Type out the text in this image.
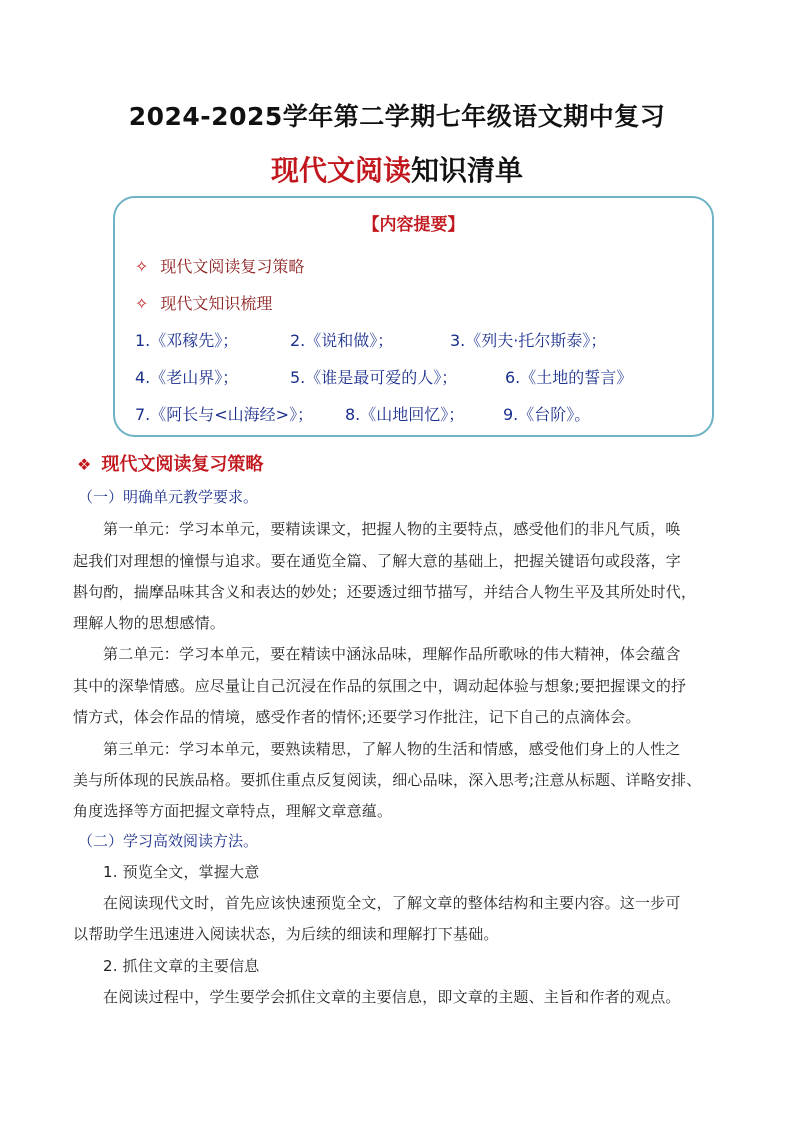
2024-2025学年第二学期七年级语文期中复习
现代文阅读知识清单
【内容提要】
✧ 现代文阅读复习策略
✧ 现代文知识梳理
1.《邓稼先》；	2.《说和做》；	3.《列夫·托尔斯泰》；
4.《老山界》；	5.《谁是最可爱的人》；	6.《土地的誓言》
7.《阿长与<山海经>》； 8.《山地回忆》； 9.《台阶》。
❖ 现代文阅读复习策略
（一）明确单元教学要求。
第一单元：学习本单元，要精读课文，把握人物的主要特点，感受他们的非凡气质，唤
起我们对理想的憧憬与追求。要在通览全篇、了解大意的基础上，把握关键语句或段落，字
斟句酌，揣摩品味其含义和表达的妙处；还要透过细节描写，并结合人物生平及其所处时代，
理解人物的思想感情。
第二单元：学习本单元，要在精读中涵泳品味，理解作品所歌咏的伟大精神，体会蕴含
其中的深挚情感。应尽量让自己沉浸在作品的氛围之中，调动起体验与想象;要把握课文的抒
情方式，体会作品的情境，感受作者的情怀;还要学习作批注，记下自己的点滴体会。
第三单元：学习本单元，要熟读精思，了解人物的生活和情感，感受他们身上的人性之
美与所体现的民族品格。要抓住重点反复阅读，细心品味，深入思考;注意从标题、详略安排、
角度选择等方面把握文章特点，理解文章意蕴。
（二）学习高效阅读方法。
1. 预览全文，掌握大意
在阅读现代文时，首先应该快速预览全文，了解文章的整体结构和主要内容。这一步可
以帮助学生迅速进入阅读状态，为后续的细读和理解打下基础。
2. 抓住文章的主要信息
在阅读过程中，学生要学会抓住文章的主要信息，即文章的主题、主旨和作者的观点。
